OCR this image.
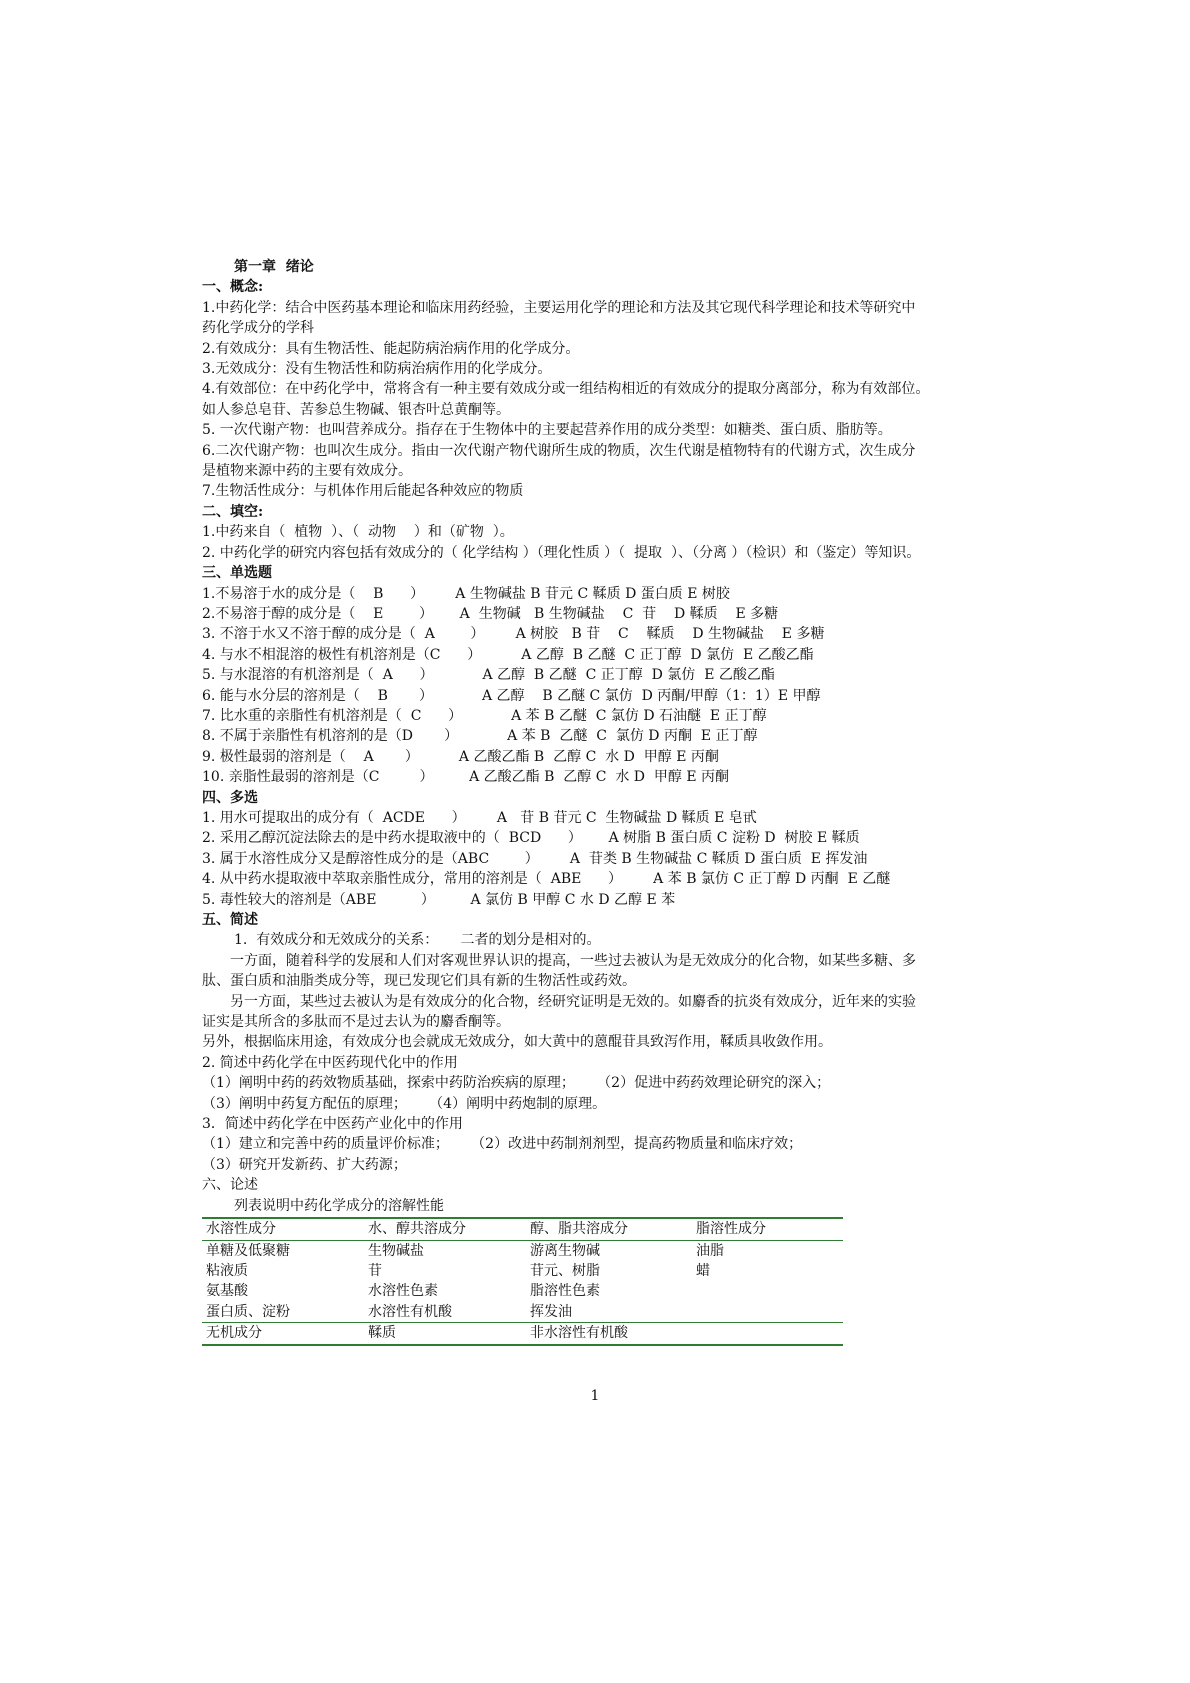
第一章  绪论
一、概念:
1.中药化学：结合中医药基本理论和临床用药经验，主要运用化学的理论和方法及其它现代科学理论和技术等研究中
药化学成分的学科
2.有效成分：具有生物活性、能起防病治病作用的化学成分。
3.无效成分：没有生物活性和防病治病作用的化学成分。
4.有效部位：在中药化学中，常将含有一种主要有效成分或一组结构相近的有效成分的提取分离部分，称为有效部位。
如人参总皂苷、苦参总生物碱、银杏叶总黄酮等。
5. 一次代谢产物：也叫营养成分。指存在于生物体中的主要起营养作用的成分类型：如糖类、蛋白质、脂肪等。
6.二次代谢产物：也叫次生成分。指由一次代谢产物代谢所生成的物质，次生代谢是植物特有的代谢方式，次生成分
是植物来源中药的主要有效成分。
7.生物活性成分：与机体作用后能起各种效应的物质
二、填空:
1.中药来自（  植物  ）、（  动物    ）和（矿物  ）。
2. 中药化学的研究内容包括有效成分的（ 化学结构 ）（理化性质 ）（  提取  ）、（分离 ）（检识）和（鉴定）等知识。
三、单选题
1.不易溶于水的成分是（    B      ）       A 生物碱盐 B 苷元 C 鞣质 D 蛋白质 E 树胶
2.不易溶于醇的成分是（    E        ）      A  生物碱   B 生物碱盐    C  苷    D 鞣质    E 多糖
3. 不溶于水又不溶于醇的成分是（  A        ）       A 树胶   B 苷    C    鞣质    D 生物碱盐    E 多糖
4. 与水不相混溶的极性有机溶剂是（C      ）         A 乙醇  B 乙醚  C 正丁醇  D 氯仿  E 乙酸乙酯
5. 与水混溶的有机溶剂是（  A      ）           A 乙醇  B 乙醚  C 正丁醇  D 氯仿  E 乙酸乙酯
6. 能与水分层的溶剂是（    B       ）           A 乙醇    B 乙醚 C 氯仿  D 丙酮/甲醇（1：1）E 甲醇
7. 比水重的亲脂性有机溶剂是（  C      ）           A 苯 B 乙醚  C 氯仿 D 石油醚  E 正丁醇
8. 不属于亲脂性有机溶剂的是（D       ）           A 苯 B  乙醚  C  氯仿 D 丙酮  E 正丁醇
9. 极性最弱的溶剂是（    A       ）         A 乙酸乙酯 B  乙醇 C  水 D  甲醇 E 丙酮
10. 亲脂性最弱的溶剂是（C         ）        A 乙酸乙酯 B  乙醇 C  水 D  甲醇 E 丙酮
四、多选
1. 用水可提取出的成分有（  ACDE      ）       A   苷 B 苷元 C  生物碱盐 D 鞣质 E 皂甙
2. 采用乙醇沉淀法除去的是中药水提取液中的（  BCD      ）      A 树脂 B 蛋白质 C 淀粉 D  树胶 E 鞣质
3. 属于水溶性成分又是醇溶性成分的是（ABC        ）       A  苷类 B 生物碱盐 C 鞣质 D 蛋白质  E 挥发油
4. 从中药水提取液中萃取亲脂性成分，常用的溶剂是（  ABE      ）       A 苯 B 氯仿 C 正丁醇 D 丙酮  E 乙醚
5. 毒性较大的溶剂是（ABE          ）        A 氯仿 B 甲醇 C 水 D 乙醇 E 苯
五、简述
1.  有效成分和无效成分的关系：     二者的划分是相对的。
一方面，随着科学的发展和人们对客观世界认识的提高，一些过去被认为是无效成分的化合物，如某些多糖、多
肽、蛋白质和油脂类成分等，现已发现它们具有新的生物活性或药效。
另一方面，某些过去被认为是有效成分的化合物，经研究证明是无效的。如麝香的抗炎有效成分，近年来的实验
证实是其所含的多肽而不是过去认为的麝香酮等。
另外，根据临床用途，有效成分也会就成无效成分，如大黄中的蒽醌苷具致泻作用，鞣质具收敛作用。
2. 简述中药化学在中医药现代化中的作用
（1）阐明中药的药效物质基础，探索中药防治疾病的原理；     （2）促进中药药效理论研究的深入；
（3）阐明中药复方配伍的原理；     （4）阐明中药炮制的原理。
3．简述中药化学在中医药产业化中的作用
（1）建立和完善中药的质量评价标准；     （2）改进中药制剂剂型，提高药物质量和临床疗效；
（3）研究开发新药、扩大药源；
六、论述
列表说明中药化学成分的溶解性能
水溶性成分	水、醇共溶成分	醇、脂共溶成分	脂溶性成分
单糖及低聚糖	生物碱盐	游离生物碱	油脂
粘液质	苷	苷元、树脂	蜡
氨基酸	水溶性色素	脂溶性色素	
蛋白质、淀粉	水溶性有机酸	挥发油	
无机成分	鞣质	非水溶性有机酸	
1
